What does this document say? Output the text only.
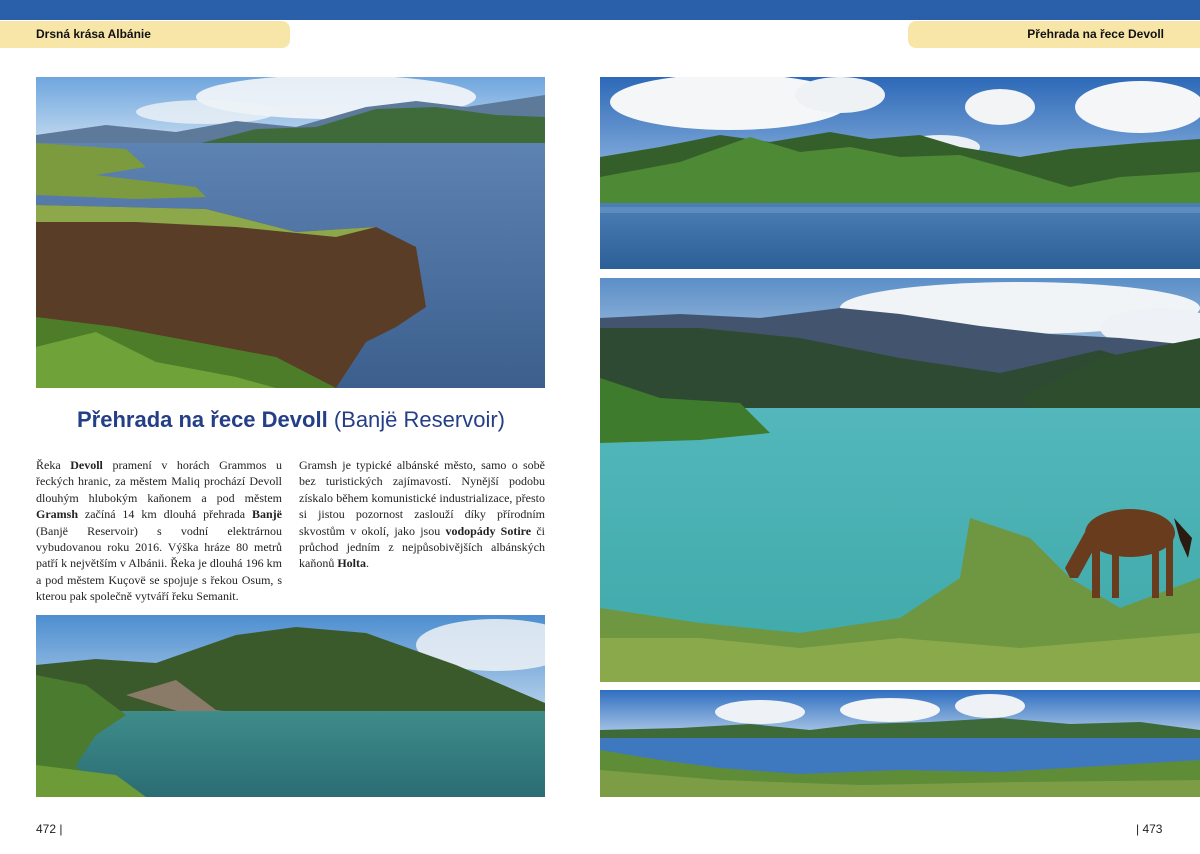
Drsná krása Albánie	Přehrada na řece Devoll
Přehrada na řece Devoll (Banjë Reservoir)
Řeka Devoll pramení v horách Grammos u řeckých hranic, za městem Maliq prochází Devoll dlouhým hlubokým kaňonem a pod městem Gramsh začíná 14 km dlouhá přehrada Banjë (Banjë Reservoir) s vodní elektrárnou vybudovanou roku 2016. Výška hráze 80 metrů patří k největším v Albánii. Řeka je dlouhá 196 km a pod městem Kuçovë se spojuje s řekou Osum, s kterou pak společně vytváří řeku Semanit.
Gramsh je typické albánské město, samo o sobě bez turistických zajímavostí. Nynější podobu získalo během komunistické industrializace, přesto si jistou pozornost zaslouží díky přírodním skvostům v okolí, jako jsou vodopády Sotire či průchod jedním z nejpůsobivějších albánských kaňonů Holta.
472 |	| 473
